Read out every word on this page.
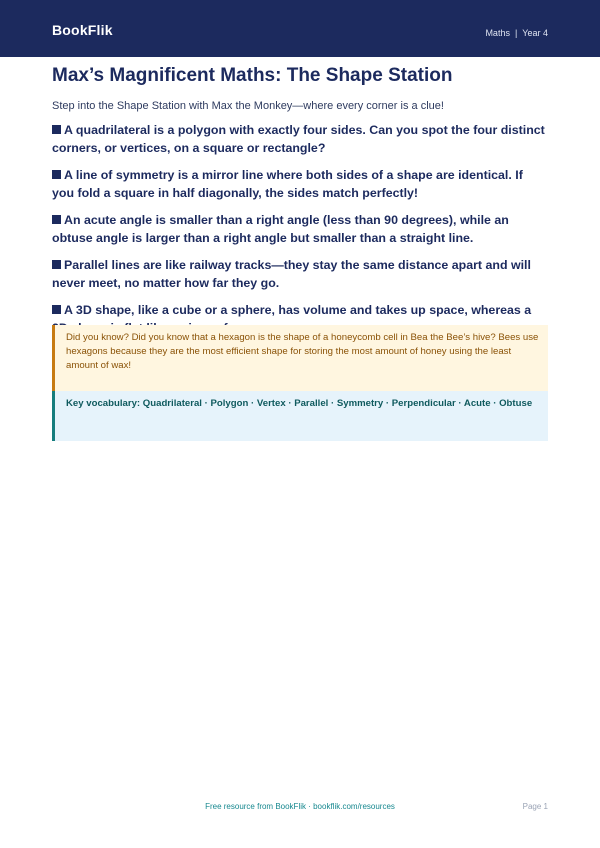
BookFlik	Maths | Year 4
Max’s Magnificent Maths: The Shape Station

Step into the Shape Station with Max the Monkey—where every corner is a clue!

A quadrilateral is a polygon with exactly four sides. Can you spot the four distinct corners, or vertices, on a square or rectangle?

A line of symmetry is a mirror line where both sides of a shape are identical. If you fold a square in half diagonally, the sides match perfectly!

An acute angle is smaller than a right angle (less than 90 degrees), while an obtuse angle is larger than a right angle but smaller than a straight line.

Parallel lines are like railway tracks—they stay the same distance apart and will never meet, no matter how far they go.

A 3D shape, like a cube or a sphere, has volume and takes up space, whereas a

Did you know? Did you know that a hexagon is the shape of a honeycomb cell in Bea the Bee’s hive? Bees use hexagons because they are the most efficient shape for storing the most amount of honey using the least amount of wax!
Key vocabulary: Quadrilateral · Polygon · Vertex · Parallel · Symmetry · Perpendicular · Acute · Obtuse
Free resource from BookFlik · bookflik.com/resources	Page 1
